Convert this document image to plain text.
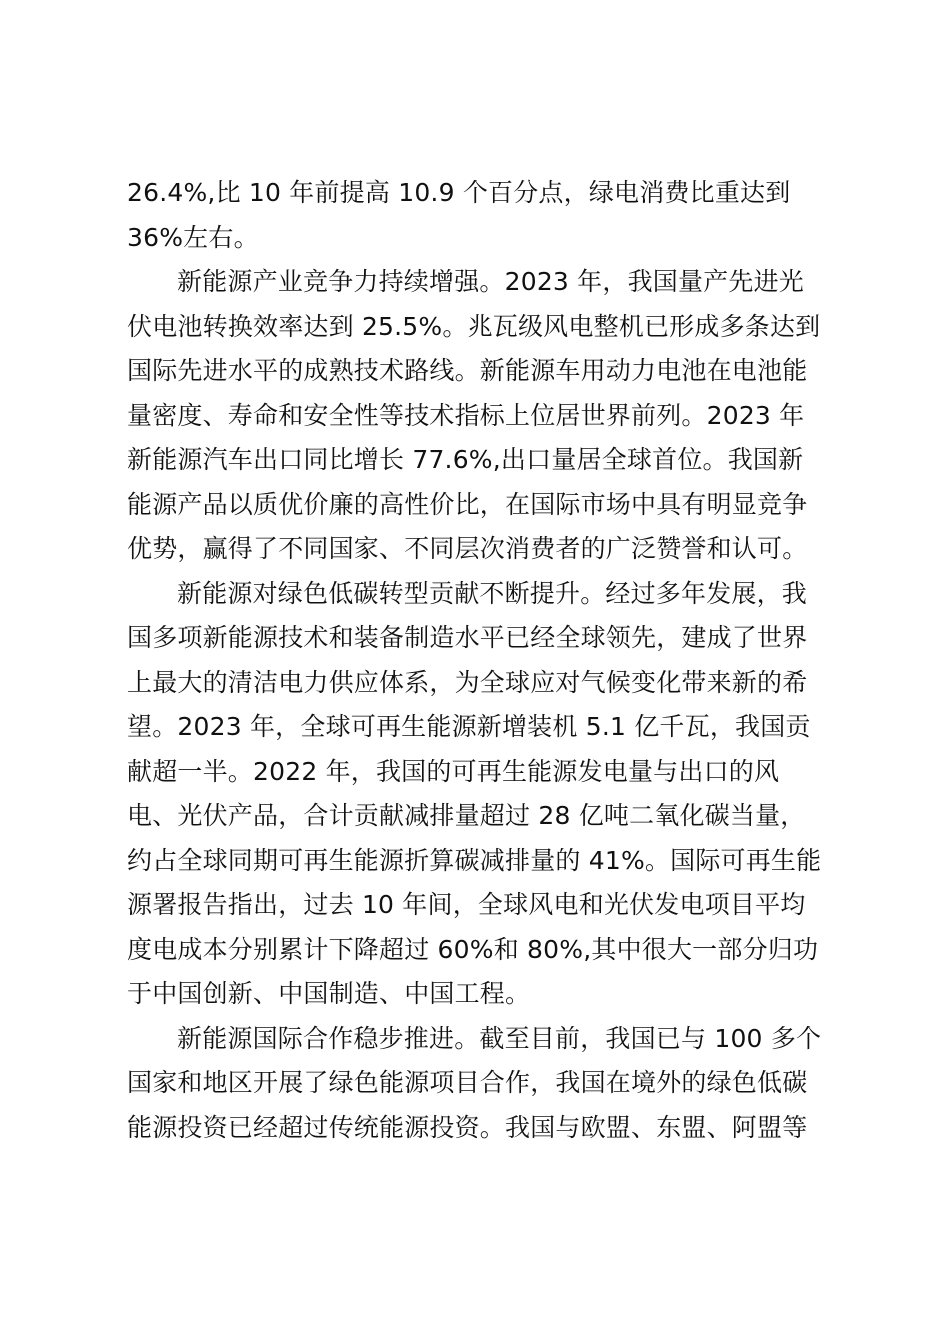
26.4%,比 10 年前提高 10.9 个百分点，绿电消费比重达到
36%左右。
新能源产业竞争力持续增强。2023 年，我国量产先进光
伏电池转换效率达到 25.5%。兆瓦级风电整机已形成多条达到
国际先进水平的成熟技术路线。新能源车用动力电池在电池能
量密度、寿命和安全性等技术指标上位居世界前列。2023 年
新能源汽车出口同比增长 77.6%,出口量居全球首位。我国新
能源产品以质优价廉的高性价比，在国际市场中具有明显竞争
优势，赢得了不同国家、不同层次消费者的广泛赞誉和认可。
新能源对绿色低碳转型贡献不断提升。经过多年发展，我
国多项新能源技术和装备制造水平已经全球领先，建成了世界
上最大的清洁电力供应体系，为全球应对气候变化带来新的希
望。2023 年，全球可再生能源新增装机 5.1 亿千瓦，我国贡
献超一半。2022 年，我国的可再生能源发电量与出口的风
电、光伏产品，合计贡献减排量超过 28 亿吨二氧化碳当量，
约占全球同期可再生能源折算碳减排量的 41%。国际可再生能
源署报告指出，过去 10 年间，全球风电和光伏发电项目平均
度电成本分别累计下降超过 60%和 80%,其中很大一部分归功
于中国创新、中国制造、中国工程。
新能源国际合作稳步推进。截至目前，我国已与 100 多个
国家和地区开展了绿色能源项目合作，我国在境外的绿色低碳
能源投资已经超过传统能源投资。我国与欧盟、东盟、阿盟等
